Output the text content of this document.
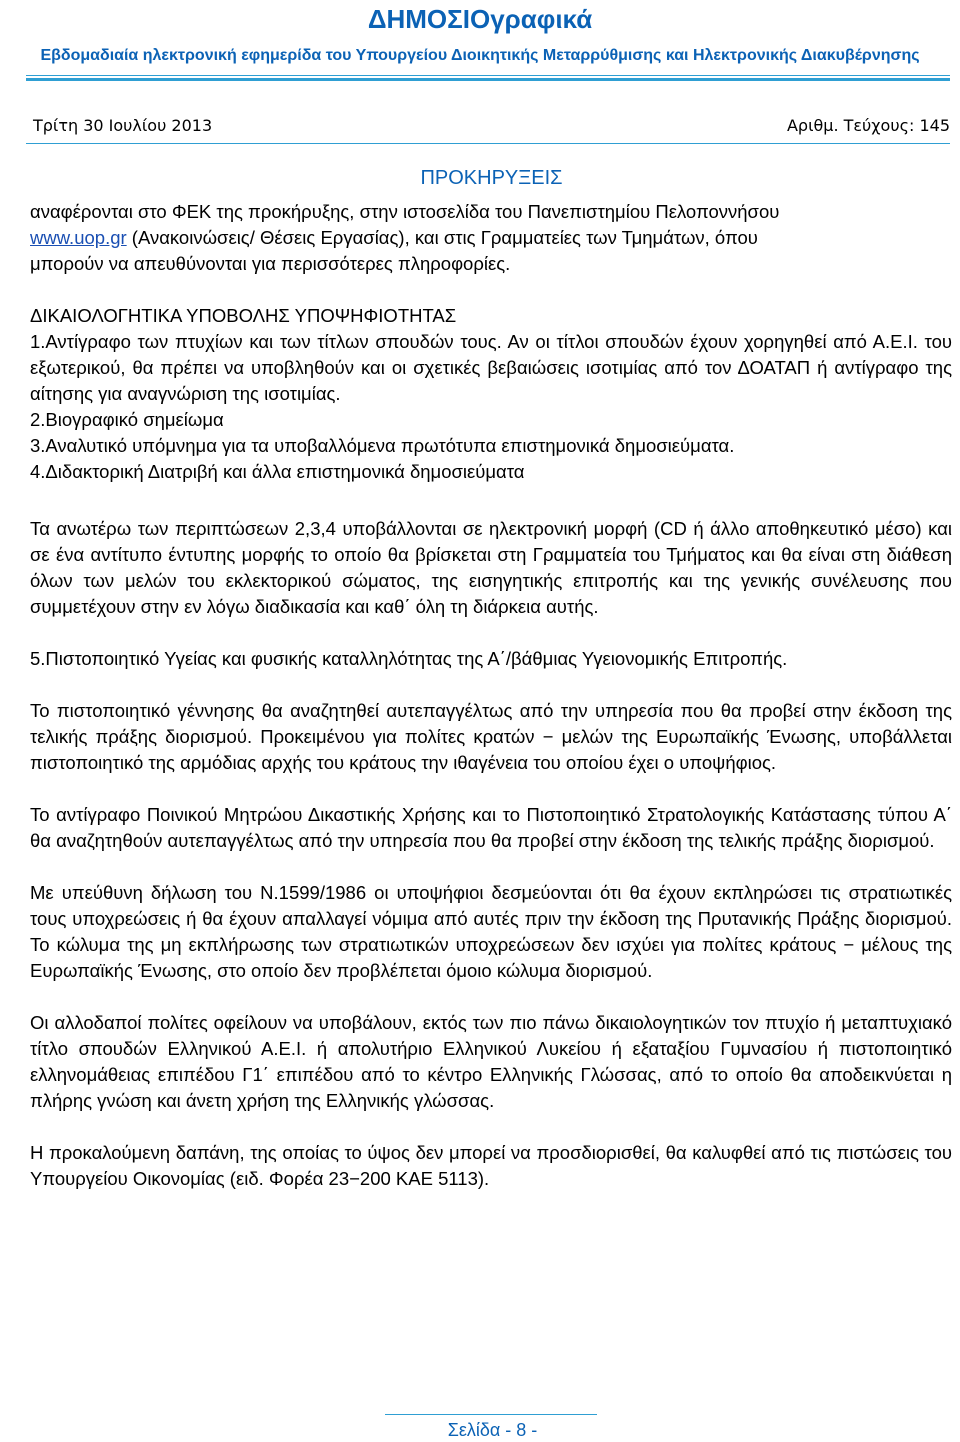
ΔΗΜΟΣΙΟγραφικά
Εβδομαδιαία ηλεκτρονική εφημερίδα του Υπουργείου Διοικητικής Μεταρρύθμισης και Ηλεκτρονικής Διακυβέρνησης
Τρίτη 30 Ιουλίου 2013	Αριθμ. Τεύχους: 145
ΠΡΟΚΗΡΥΞΕΙΣ

αναφέρονται στο ΦΕΚ της προκήρυξης, στην ιστοσελίδα του Πανεπιστημίου Πελοποννήσου
www.uop.gr (Ανακοινώσεις/ Θέσεις Εργασίας), και στις Γραμματείες των Τμημάτων, όπου
μπορούν να απευθύνονται για περισσότερες πληροφορίες.

ΔΙΚΑΙΟΛΟΓΗΤΙΚΑ ΥΠΟΒΟΛΗΣ ΥΠΟΨΗΦΙΟΤΗΤΑΣ

1.Αντίγραφο των πτυχίων και των τίτλων σπουδών τους. Αν οι τίτλοι σπουδών έχουν χορηγηθεί από Α.Ε.Ι. του εξωτερικού, θα πρέπει να υποβληθούν και οι σχετικές βεβαιώσεις ισοτιμίας από τον ΔΟΑΤΑΠ ή αντίγραφο της αίτησης για αναγνώριση της ισοτιμίας.

2.Βιογραφικό σημείωμα

3.Αναλυτικό υπόμνημα για τα υποβαλλόμενα πρωτότυπα επιστημονικά δημοσιεύματα.

4.Διδακτορική Διατριβή και άλλα επιστημονικά δημοσιεύματα

Τα ανωτέρω των περιπτώσεων 2,3,4 υποβάλλονται σε ηλεκτρονική μορφή (CD ή άλλο αποθηκευτικό μέσο) και σε ένα αντίτυπο έντυπης μορφής το οποίο θα βρίσκεται στη Γραμματεία του Τμήματος και θα είναι στη διάθεση όλων των μελών του εκλεκτορικού σώματος, της εισηγητικής επιτροπής και της γενικής συνέλευσης που συμμετέχουν στην εν λόγω διαδικασία και καθ΄ όλη τη διάρκεια αυτής.

5.Πιστοποιητικό Υγείας και φυσικής καταλληλότητας της Α΄/βάθμιας Υγειονομικής Επιτροπής.

Το πιστοποιητικό γέννησης θα αναζητηθεί αυτεπαγγέλτως από την υπηρεσία που θα προβεί στην έκδοση της τελικής πράξης διορισμού. Προκειμένου για πολίτες κρατών − μελών της Ευρωπαϊκής Ένωσης, υποβάλλεται πιστοποιητικό της αρμόδιας αρχής του κράτους την ιθαγένεια του οποίου έχει ο υποψήφιος.

Το αντίγραφο Ποινικού Μητρώου Δικαστικής Χρήσης και το Πιστοποιητικό Στρατολογικής Κατάστασης τύπου Α΄ θα αναζητηθούν αυτεπαγγέλτως από την υπηρεσία που θα προβεί στην έκδοση της τελικής πράξης διορισμού.

Με υπεύθυνη δήλωση του Ν.1599/1986 οι υποψήφιοι δεσμεύονται ότι θα έχουν εκπληρώσει τις στρατιωτικές τους υποχρεώσεις ή θα έχουν απαλλαγεί νόμιμα από αυτές πριν την έκδοση της Πρυτανικής Πράξης διορισμού. Το κώλυμα της μη εκπλήρωσης των στρατιωτικών υποχρεώσεων δεν ισχύει για πολίτες κράτους − μέλους της Ευρωπαϊκής Ένωσης, στο οποίο δεν προβλέπεται όμοιο κώλυμα διορισμού.

Οι αλλοδαποί πολίτες οφείλουν να υποβάλουν, εκτός των πιο πάνω δικαιολογητικών τον πτυχίο ή μεταπτυχιακό τίτλο σπουδών Ελληνικού Α.Ε.Ι. ή απολυτήριο Ελληνικού Λυκείου ή εξαταξίου Γυμνασίου ή πιστοποιητικό ελληνομάθειας επιπέδου Γ1΄ επιπέδου από το κέντρο Ελληνικής Γλώσσας, από το οποίο θα αποδεικνύεται η πλήρης γνώση και άνετη χρήση της Ελληνικής γλώσσας.

Η προκαλούμενη δαπάνη, της οποίας το ύψος δεν μπορεί να προσδιορισθεί, θα καλυφθεί από τις πιστώσεις του Υπουργείου Οικονομίας (ειδ. Φορέα 23−200 ΚΑΕ 5113).

Σελίδα - 8 -
